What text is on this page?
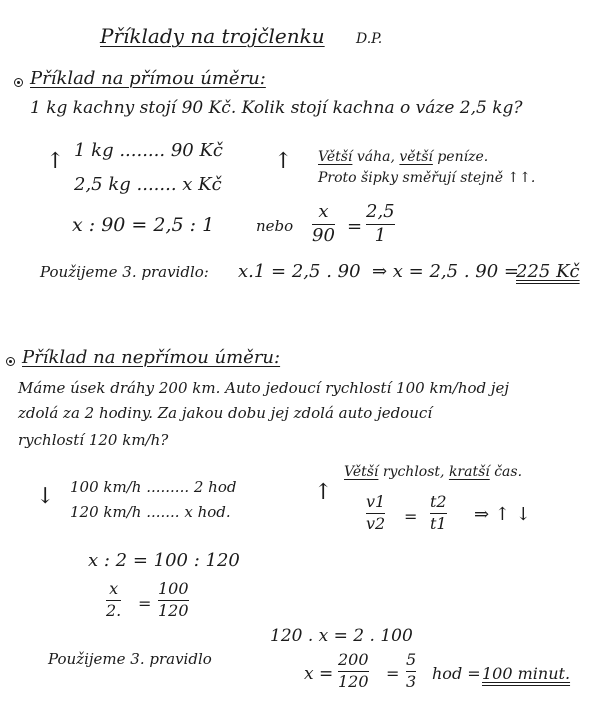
Příklady na trojčlenku D.P.
Příklad na přímou úměru:
1 kg kachny stojí 90 Kč. Kolik stojí kachna o váze 2,5 kg?
↑ 1 kg ........ 90 Kč
2,5 kg ....... x Kč
↑ Větší váha, větší peníze.
Proto šipky směřují stejně ↑↑.
x : 90 = 2,5 : 1	nebo
x
90 =
2,5
1
Použijeme 3. pravidlo: x.1 = 2,5 . 90 ⇒ x = 2,5 . 90 =
225 Kč
Příklad na nepřímou úměru:
Máme úsek dráhy 200 km. Auto jedoucí rychlostí 100 km/hod jej
zdolá za 2 hodiny. Za jakou dobu jej zdolá auto jedoucí
rychlostí 120 km/h?
↓ 100 km/h ......... 2 hod
120 km/h ....... x hod.
↑
Větší rychlost, kratší čas.
v1
v2 =
t2
t1 ⇒ ↑ ↓
x : 2 = 100 : 120
x
2. =
100
120
Použijeme 3. pravidlo
120 . x = 2 . 100
x =
200
120 =
5
3 hod = 100 minut.
